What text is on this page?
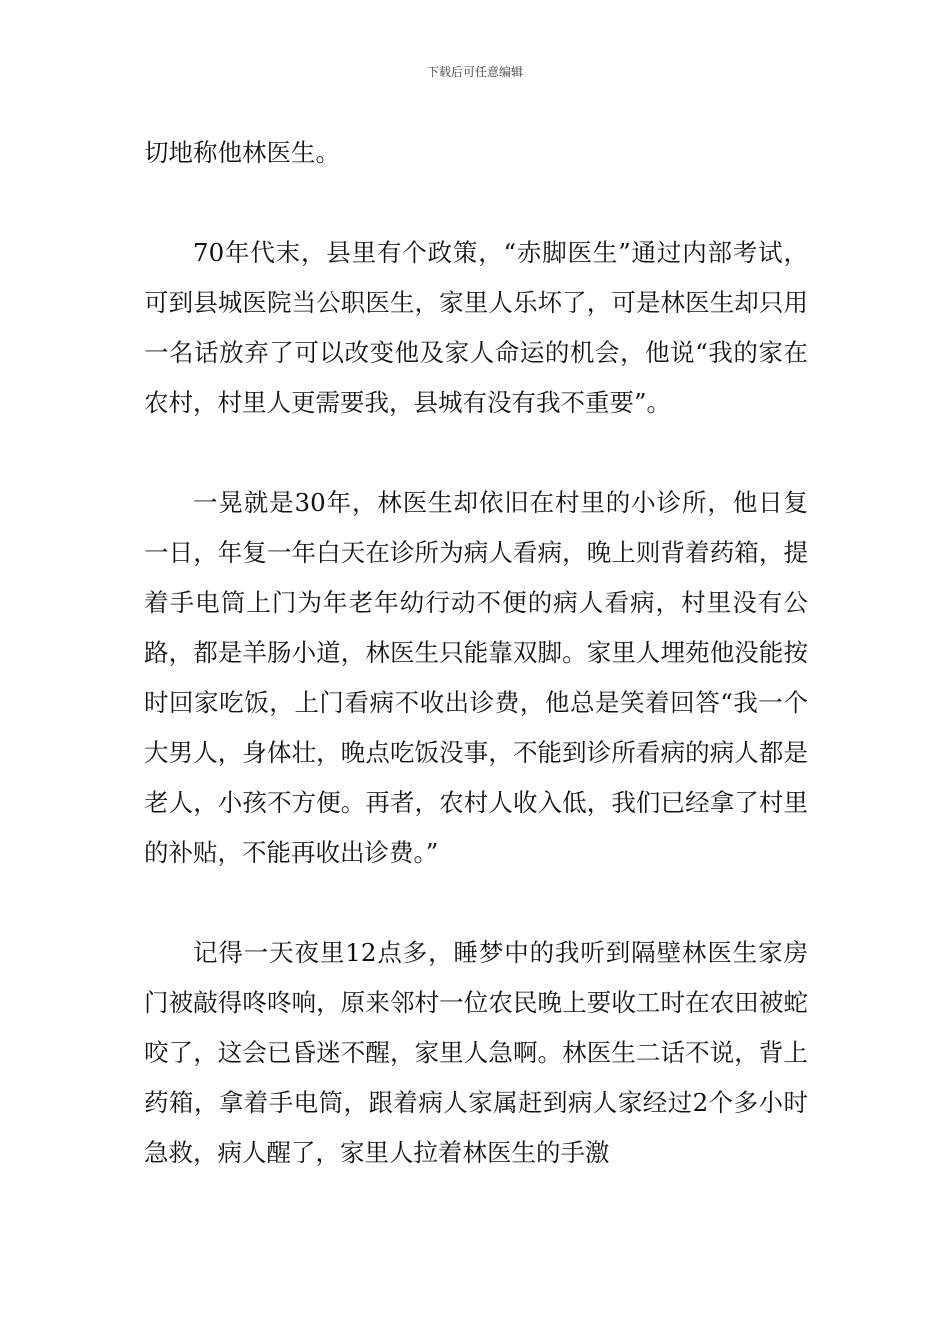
下载后可任意编辑

切地称他林医生。

70年代末，县里有个政策，“赤脚医生”通过内部考试，可到县城医院当公职医生，家里人乐坏了，可是林医生却只用一名话放弃了可以改变他及家人命运的机会，他说“我的家在农村，村里人更需要我，县城有没有我不重要”。

一晃就是30年，林医生却依旧在村里的小诊所，他日复一日，年复一年白天在诊所为病人看病，晚上则背着药箱，提着手电筒上门为年老年幼行动不便的病人看病，村里没有公路，都是羊肠小道，林医生只能靠双脚。家里人埋苑他没能按时回家吃饭，上门看病不收出诊费，他总是笑着回答“我一个大男人，身体壮，晚点吃饭没事，不能到诊所看病的病人都是老人，小孩不方便。再者，农村人收入低，我们已经拿了村里的补贴，不能再收出诊费。”

记得一天夜里12点多，睡梦中的我听到隔壁林医生家房门被敲得咚咚响，原来邻村一位农民晚上要收工时在农田被蛇咬了，这会已昏迷不醒，家里人急啊。林医生二话不说，背上药箱，拿着手电筒，跟着病人家属赶到病人家经过2个多小时急救，病人醒了，家里人拉着林医生的手激
